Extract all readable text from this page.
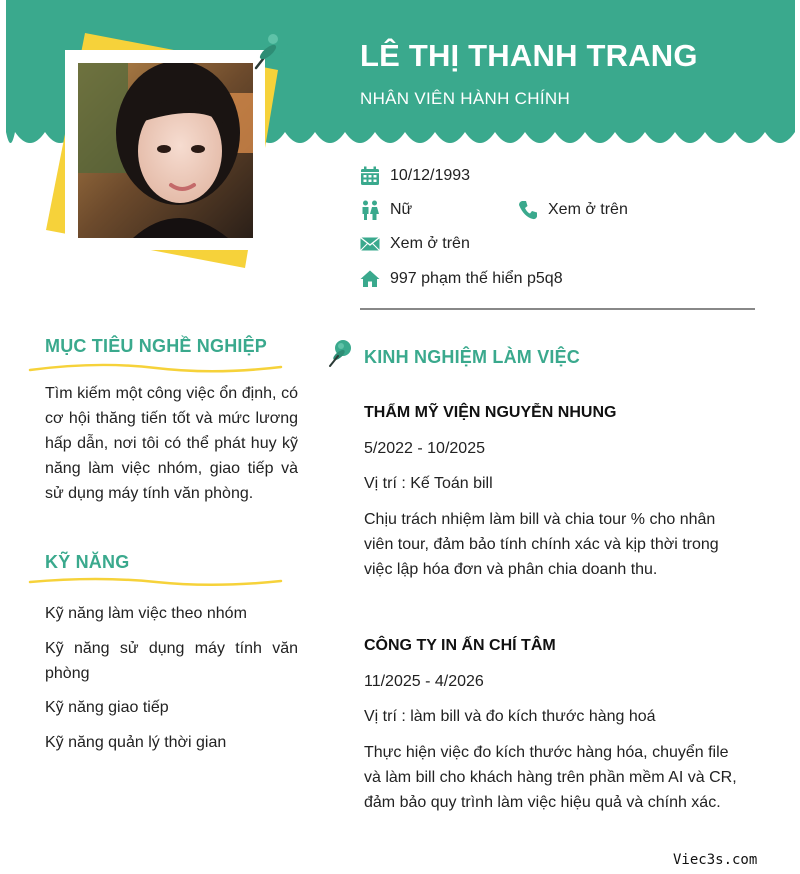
LÊ THỊ THANH TRANG
NHÂN VIÊN HÀNH CHÍNH
10/12/1993
Nữ	Xem ở trên
Xem ở trên
997 phạm thế hiển p5q8
MỤC TIÊU NGHỀ NGHIỆP
Tìm kiếm một công việc ổn định, có cơ hội thăng tiến tốt và mức lương hấp dẫn, nơi tôi có thể phát huy kỹ năng làm việc nhóm, giao tiếp và sử dụng máy tính văn phòng.
KỸ NĂNG
Kỹ năng làm việc theo nhóm
Kỹ năng sử dụng máy tính văn phòng
Kỹ năng giao tiếp
Kỹ năng quản lý thời gian
KINH NGHIỆM LÀM VIỆC
THẨM MỸ VIỆN NGUYỄN NHUNG
5/2022 - 10/2025
Vị trí : Kế Toán bill
Chịu trách nhiệm làm bill và chia tour % cho nhân viên tour, đảm bảo tính chính xác và kịp thời trong việc lập hóa đơn và phân chia doanh thu.
CÔNG TY IN ẤN CHÍ TÂM
11/2025 - 4/2026
Vị trí : làm bill và đo kích thước hàng hoá
Thực hiện việc đo kích thước hàng hóa, chuyển file và làm bill cho khách hàng trên phần mềm AI và CR, đảm bảo quy trình làm việc hiệu quả và chính xác.
Viec3s.com
